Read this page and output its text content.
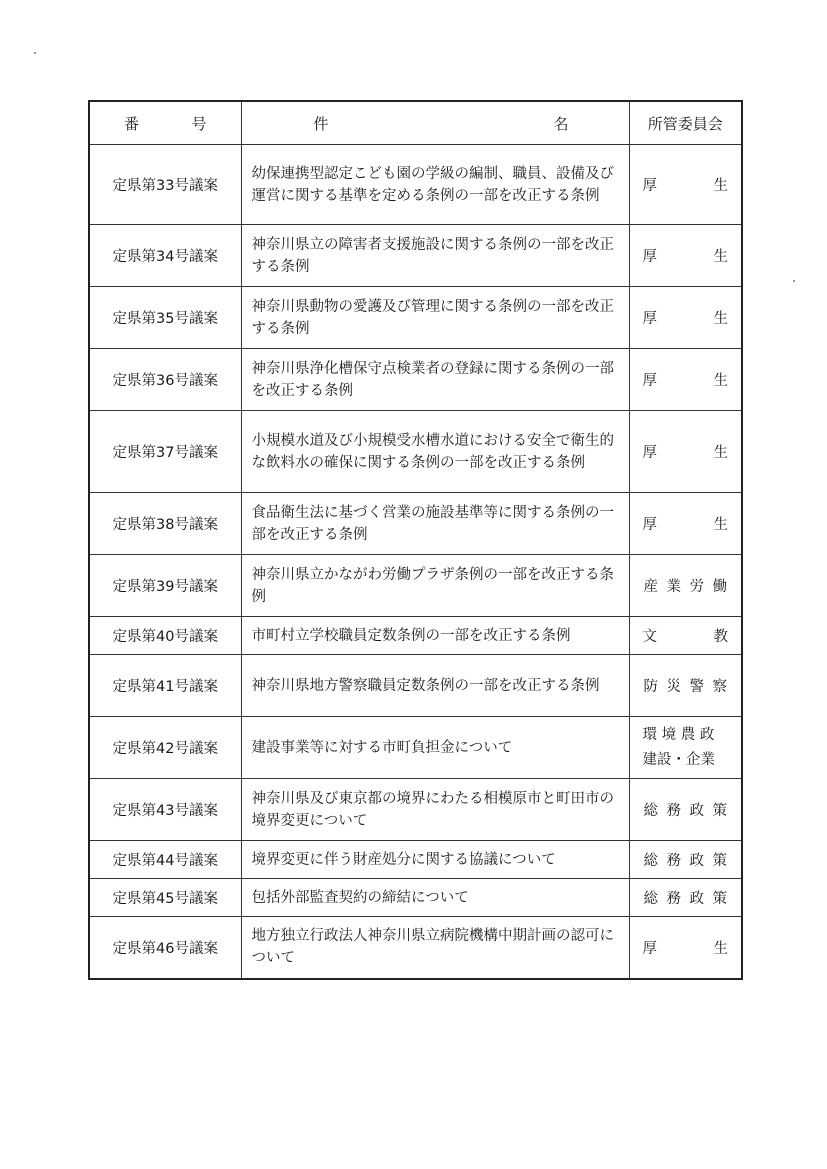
番 号	件 名	所管委員会
定県第33号議案	幼保連携型認定こども園の学級の編制、職員、設備及び運営に関する基準を定める条例の一部を改正する条例	厚 生

定県第34号議案	神奈川県立の障害者支援施設に関する条例の一部を改正する条例	厚 生

定県第35号議案	神奈川県動物の愛護及び管理に関する条例の一部を改正する条例	厚 生

定県第36号議案	神奈川県浄化槽保守点検業者の登録に関する条例の一部を改正する条例	厚 生

定県第37号議案	小規模水道及び小規模受水槽水道における安全で衛生的な飲料水の確保に関する条例の一部を改正する条例	厚 生

定県第38号議案	食品衛生法に基づく営業の施設基準等に関する条例の一部を改正する条例	厚 生

定県第39号議案	神奈川県立かながわ労働プラザ条例の一部を改正する条例	産 業 労 働

定県第40号議案	市町村立学校職員定数条例の一部を改正する条例	文 教

定県第41号議案	神奈川県地方警察職員定数条例の一部を改正する条例	防 災 警 察

定県第42号議案	建設事業等に対する市町負担金について	環 境 農 政
建設・企業

定県第43号議案	神奈川県及び東京都の境界にわたる相模原市と町田市の境界変更について	総 務 政 策

定県第44号議案	境界変更に伴う財産処分に関する協議について	総 務 政 策

定県第45号議案	包括外部監査契約の締結について	総 務 政 策

定県第46号議案	地方独立行政法人神奈川県立病院機構中期計画の認可について	厚 生
